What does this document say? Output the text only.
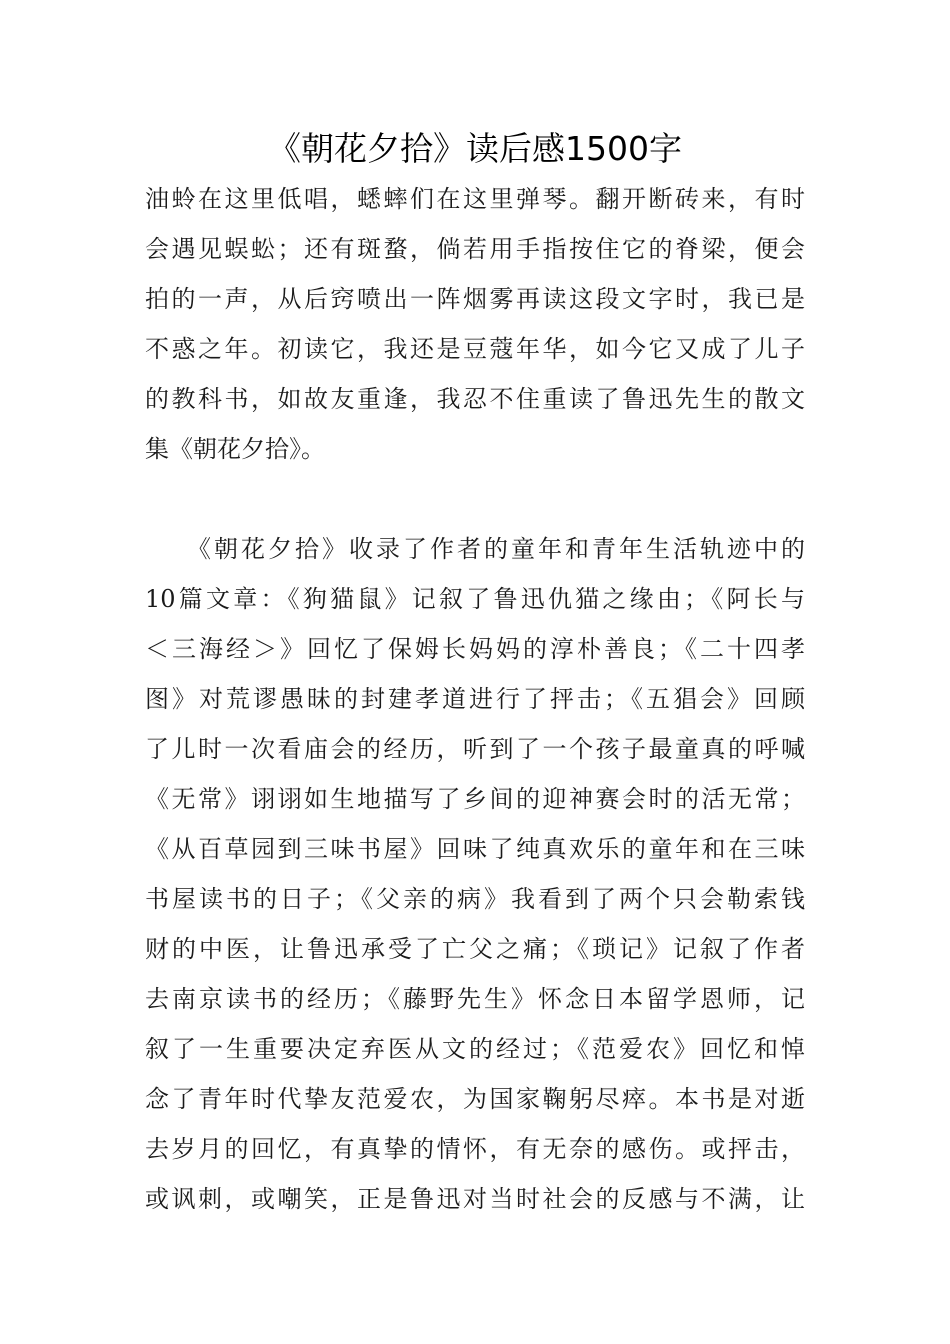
《朝花夕拾》读后感1500字
油蛉在这里低唱，蟋蟀们在这里弹琴。翻开断砖来，有时
会遇见蜈蚣；还有斑蝥，倘若用手指按住它的脊梁，便会
拍的一声，从后窍喷出一阵烟雾再读这段文字时，我已是
不惑之年。初读它，我还是豆蔻年华，如今它又成了儿子
的教科书，如故友重逢，我忍不住重读了鲁迅先生的散文
集《朝花夕拾》。
　　《朝花夕拾》收录了作者的童年和青年生活轨迹中的
10篇文章：《狗猫鼠》记叙了鲁迅仇猫之缘由；《阿长与
＜三海经＞》回忆了保姆长妈妈的淳朴善良；《二十四孝
图》对荒谬愚昧的封建孝道进行了抨击；《五猖会》回顾
了儿时一次看庙会的经历，听到了一个孩子最童真的呼喊
《无常》诩诩如生地描写了乡间的迎神赛会时的活无常；
《从百草园到三味书屋》回味了纯真欢乐的童年和在三味
书屋读书的日子；《父亲的病》我看到了两个只会勒索钱
财的中医，让鲁迅承受了亡父之痛；《琐记》记叙了作者
去南京读书的经历；《藤野先生》怀念日本留学恩师，记
叙了一生重要决定弃医从文的经过；《范爱农》回忆和悼
念了青年时代挚友范爱农，为国家鞠躬尽瘁。本书是对逝
去岁月的回忆，有真挚的情怀，有无奈的感伤。或抨击，
或讽刺，或嘲笑，正是鲁迅对当时社会的反感与不满，让
